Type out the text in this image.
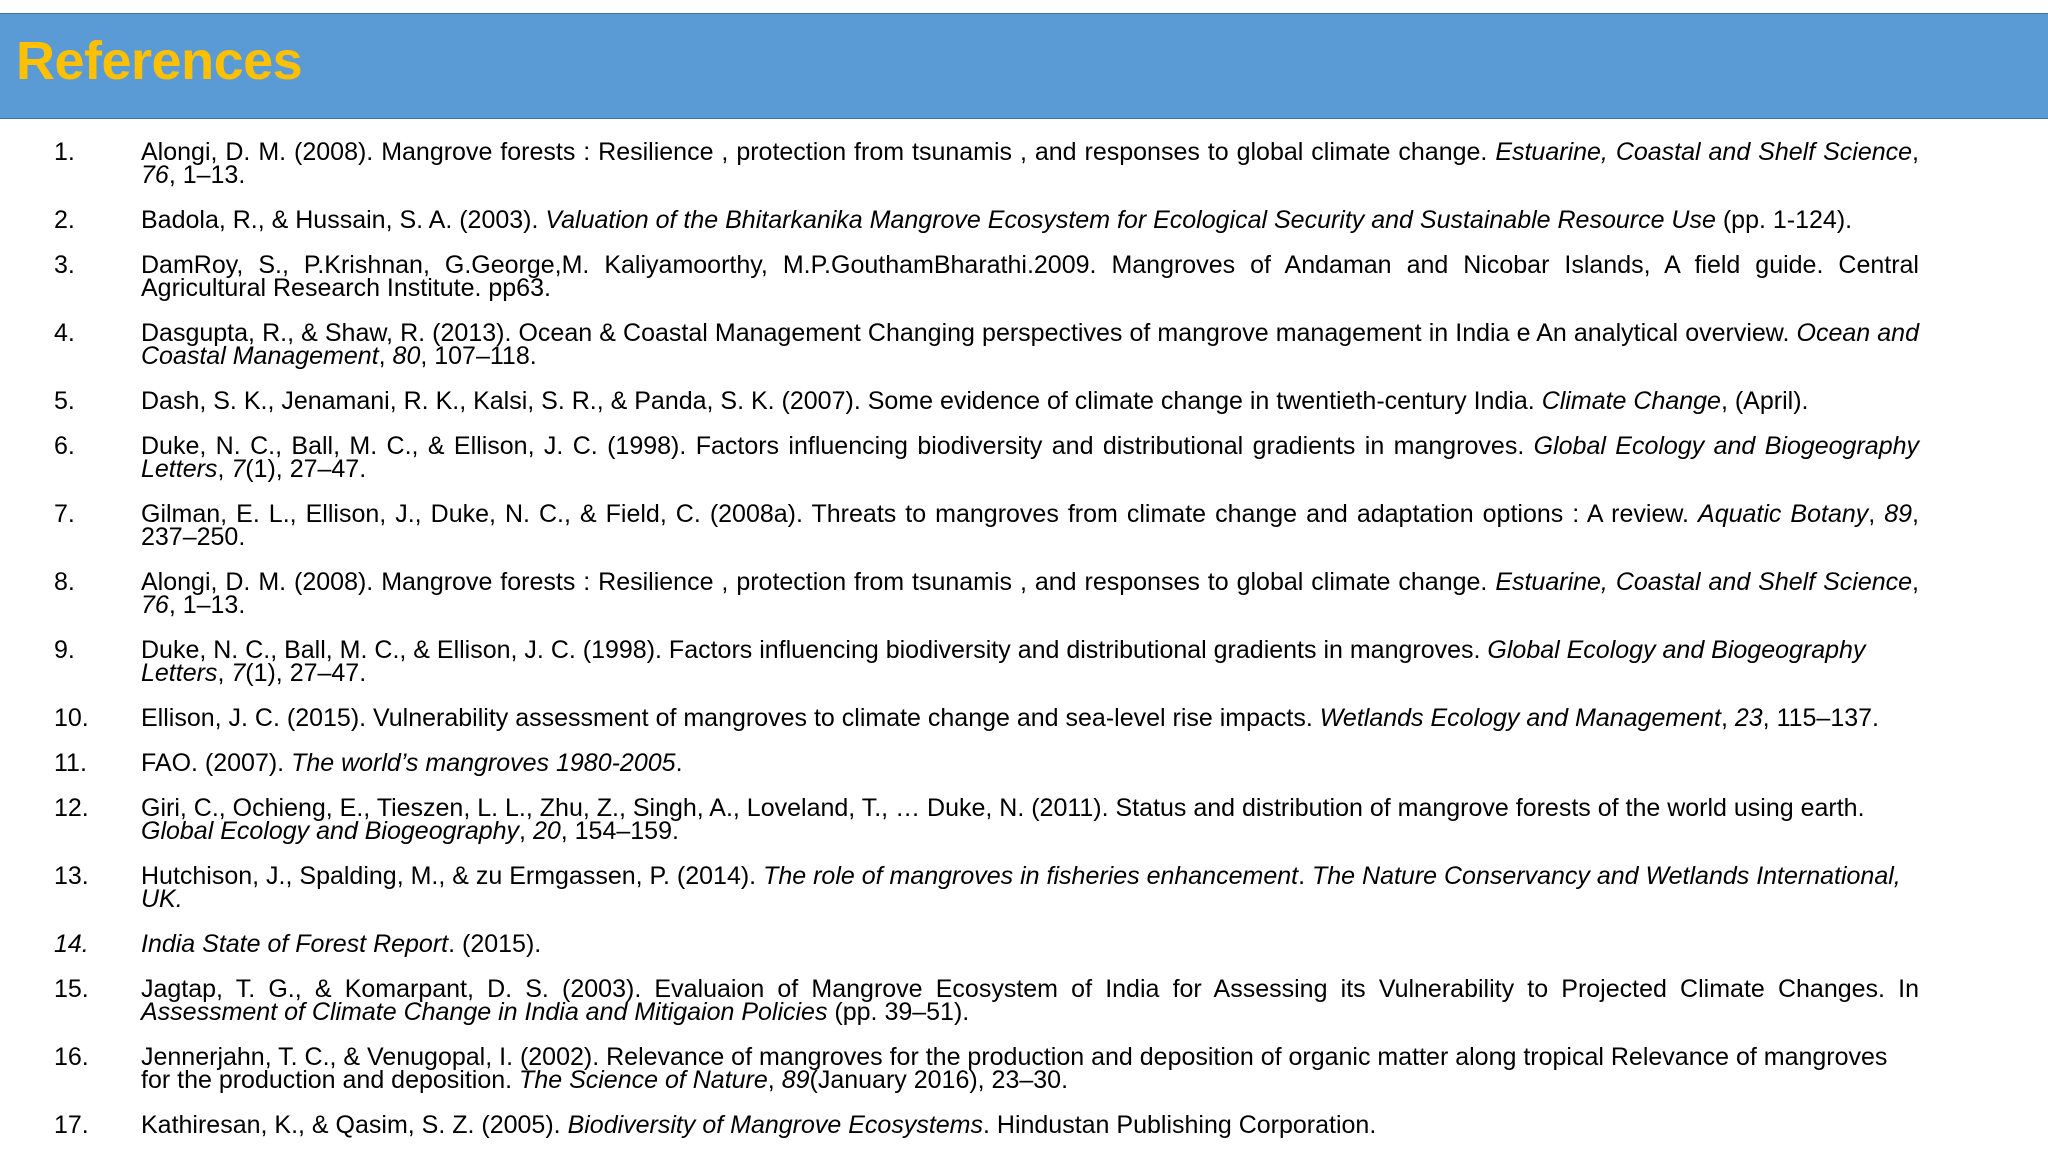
References
1.	Alongi, D. M. (2008). Mangrove forests : Resilience , protection from tsunamis , and responses to global climate change. Estuarine, Coastal and Shelf Science, 76, 1–13.
2.	Badola, R., & Hussain, S. A. (2003). Valuation of the Bhitarkanika Mangrove Ecosystem for Ecological Security and Sustainable Resource Use (pp. 1-124).
3.	DamRoy, S., P.Krishnan, G.George,M. Kaliyamoorthy, M.P.GouthamBharathi.2009. Mangroves of Andaman and Nicobar Islands, A field guide. Central Agricultural Research Institute. pp63.
4.	Dasgupta, R., & Shaw, R. (2013). Ocean & Coastal Management Changing perspectives of mangrove management in India e An analytical overview. Ocean and Coastal Management, 80, 107–118.
5.	Dash, S. K., Jenamani, R. K., Kalsi, S. R., & Panda, S. K. (2007). Some evidence of climate change in twentieth-century India. Climate Change, (April).
6.	Duke, N. C., Ball, M. C., & Ellison, J. C. (1998). Factors influencing biodiversity and distributional gradients in mangroves. Global Ecology and Biogeography Letters, 7(1), 27–47.
7.	Gilman, E. L., Ellison, J., Duke, N. C., & Field, C. (2008a). Threats to mangroves from climate change and adaptation options : A review. Aquatic Botany, 89, 237–250.
8.	Alongi, D. M. (2008). Mangrove forests : Resilience , protection from tsunamis , and responses to global climate change. Estuarine, Coastal and Shelf Science, 76, 1–13.
9.	Duke, N. C., Ball, M. C., & Ellison, J. C. (1998). Factors influencing biodiversity and distributional gradients in mangroves. Global Ecology and Biogeography Letters, 7(1), 27–47.
10.	Ellison, J. C. (2015). Vulnerability assessment of mangroves to climate change and sea-level rise impacts. Wetlands Ecology and Management, 23, 115–137.
11.	FAO. (2007). The world’s mangroves 1980-2005.
12.	Giri, C., Ochieng, E., Tieszen, L. L., Zhu, Z., Singh, A., Loveland, T., … Duke, N. (2011). Status and distribution of mangrove forests of the world using earth. Global Ecology and Biogeography, 20, 154–159.
13.	Hutchison, J., Spalding, M., & zu Ermgassen, P. (2014). The role of mangroves in fisheries enhancement. The Nature Conservancy and Wetlands International, UK.
14.	India State of Forest Report. (2015).
15.	Jagtap, T. G., & Komarpant, D. S. (2003). Evaluaion of Mangrove Ecosystem of India for Assessing its Vulnerability to Projected Climate Changes. In Assessment of Climate Change in India and Mitigaion Policies (pp. 39–51).
16.	Jennerjahn, T. C., & Venugopal, I. (2002). Relevance of mangroves for the production and deposition of organic matter along tropical Relevance of mangroves for the production and deposition. The Science of Nature, 89(January 2016), 23–30.
17.	Kathiresan, K., & Qasim, S. Z. (2005). Biodiversity of Mangrove Ecosystems. Hindustan Publishing Corporation.
